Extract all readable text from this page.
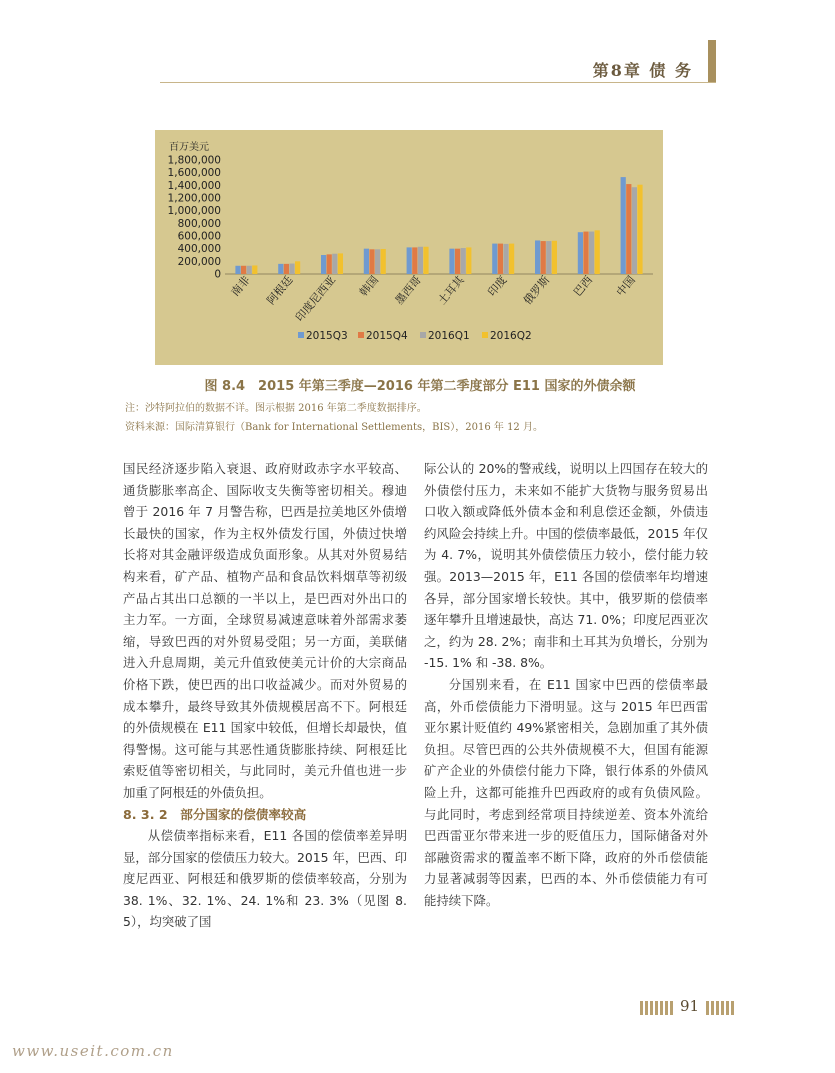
第8章 债 务
百万美元
1,800,000
1,600,000
1,400,000
1,200,000
1,000,000
800,000
600,000
400,000
200,000
0 南非 阿根廷
印度尼西亚 韩国 墨西哥 土耳其 印度 俄罗斯 巴西 中国
2015Q3 2015Q4 2016Q1 2016Q2
图 8.4　2015 年第三季度—2016 年第二季度部分 E11 国家的外债余额
注：沙特阿拉伯的数据不详。图示根据 2016 年第二季度数据排序。
资料来源：国际清算银行（Bank for International Settlements，BIS），2016 年 12 月。

国民经济逐步陷入衰退、政府财政赤字水平较高、通货膨胀率高企、国际收支失衡等密切相关。穆迪曾于 2016 年 7 月警告称，巴西是拉美地区外债增长最快的国家，作为主权外债发行国，外债过快增长将对其金融评级造成负面形象。从其对外贸易结构来看，矿产品、植物产品和食品饮料烟草等初级产品占其出口总额的一半以上，是巴西对外出口的主力军。一方面，全球贸易减速意味着外部需求萎缩，导致巴西的对外贸易受阻；另一方面，美联储进入升息周期，美元升值致使美元计价的大宗商品价格下跌，使巴西的出口收益减少。而对外贸易的成本攀升，最终导致其外债规模居高不下。阿根廷的外债规模在 E11 国家中较低，但增长却最快，值得警惕。这可能与其恶性通货膨胀持续、阿根廷比索贬值等密切相关，与此同时，美元升值也进一步加重了阿根廷的外债负担。

8. 3. 2　部分国家的偿债率较高

从偿债率指标来看，E11 各国的偿债率差异明显，部分国家的偿债压力较大。2015 年，巴西、印度尼西亚、阿根廷和俄罗斯的偿债率较高，分别为 38. 1%、32. 1%、24. 1%和 23. 3%（见图 8. 5），均突破了国

际公认的 20%的警戒线，说明以上四国存在较大的外债偿付压力，未来如不能扩大货物与服务贸易出口收入额或降低外债本金和利息偿还金额，外债违约风险会持续上升。中国的偿债率最低，2015 年仅为 4. 7%，说明其外债偿债压力较小，偿付能力较强。2013—2015 年，E11 各国的偿债率年均增速各异，部分国家增长较快。其中，俄罗斯的偿债率逐年攀升且增速最快，高达 71. 0%；印度尼西亚次之，约为 28. 2%；南非和土耳其为负增长，分别为 -15. 1% 和 -38. 8%。

分国别来看，在 E11 国家中巴西的偿债率最高，外币偿债能力下滑明显。这与 2015 年巴西雷亚尔累计贬值约 49%紧密相关，急剧加重了其外债负担。尽管巴西的公共外债规模不大，但国有能源矿产企业的外债偿付能力下降，银行体系的外债风险上升，这都可能推升巴西政府的或有负债风险。与此同时，考虑到经常项目持续逆差、资本外流给巴西雷亚尔带来进一步的贬值压力，国际储备对外部融资需求的覆盖率不断下降，政府的外币偿债能力显著减弱等因素，巴西的本、外币偿债能力有可能持续下降。

91
www.useit.com.cn
